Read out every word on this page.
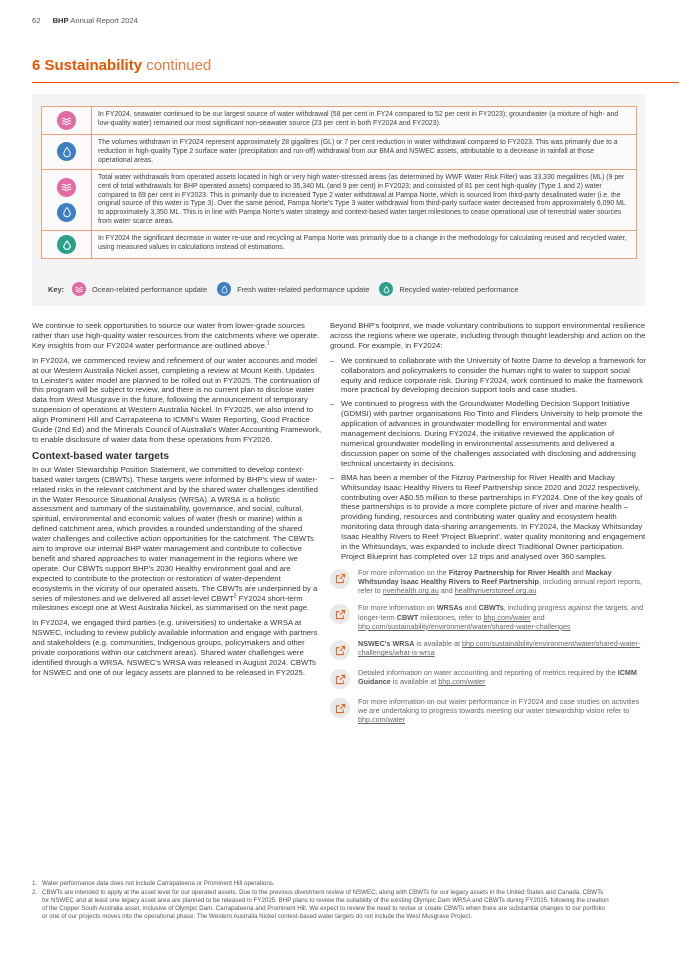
62 BHP Annual Report 2024
6 Sustainability continued
In FY2024, seawater continued to be our largest source of water withdrawal (58 per cent in FY24 compared to 52 per cent in FY2023); groundwater (a mixture of high- and low-quality water) remained our most significant non-seawater source (23 per cent in both FY2024 and FY2023).
The volumes withdrawn in FY2024 represent approximately 28 gigalitres (GL) or 7 per cent reduction in water withdrawal compared to FY2023. This was primarily due to a reduction in high-quality Type 2 surface water (precipitation and run-off) withdrawal from our BMA and NSWEC assets, attributable to a decrease in rainfall at those operational areas.
Total water withdrawals from operated assets located in high or very high water-stressed areas (as determined by WWF Water Risk Filter) was 33,330 megalitres (ML) (9 per cent of total withdrawals for BHP operated assets) compared to 35,340 ML (and 9 per cent) in FY2023; and consisted of 81 per cent high-quality (Type 1 and 2) water compared to 69 per cent in FY2023. This is primarily due to increased Type 2 water withdrawal at Pampa Norte, which is sourced from third-party desalinated water (i.e. the original source of this water is Type 3). Over the same period, Pampa Norte's Type 3 water withdrawal from third-party surface water decreased from approximately 6,090 ML to approximately 3,350 ML. This is in line with Pampa Norte's water strategy and context-based water target milestones to cease operational use of terrestrial water sources from water scarce areas.
In FY2024 the significant decrease in water re-use and recycling at Pampa Norte was primarily due to a change in the methodology for calculating reused and recycled water, using measured values in calculations instead of estimations.
Key:	Ocean-related performance update	Fresh water-related performance update	Recycled water-related performance

We continue to seek opportunities to source our water from lower-grade sources rather than use high-quality water resources from the catchments where we operate. Key insights from our FY2024 water performance are outlined above.$^1$

In FY2024, we commenced review and refinement of our water accounts and model at our Western Australia Nickel asset, completing a review at Mount Keith. Updates to Leinster's water model are planned to be rolled out in FY2025. The continuation of this program will be subject to review, and there is no current plan to disclose water data from West Musgrave in the future, following the announcement of temporary suspension of operations at Western Australia Nickel. In FY2025, we also intend to align Prominent Hill and Carrapateena to ICMM's Water Reporting, Good Practice Guide (2nd Ed) and the Minerals Council of Australia's Water Accounting Framework, to enable disclosure of water data from these operations from FY2026.

Context-based water targets

In our Water Stewardship Position Statement, we committed to develop context-based water targets (CBWTs). These targets were informed by BHP's view of water-related risks in the relevant catchment and by the shared water challenges identified in the Water Resource Situational Analysis (WRSA). A WRSA is a holistic assessment and summary of the sustainability, governance, and social, cultural, spiritual, environmental and economic values of water (fresh or marine) within a defined catchment area, which provides a rounded understanding of the shared water challenges and collective action opportunities for the catchment. The CBWTs aim to improve our internal BHP water management and contribute to collective benefit and shared approaches to water management in the regions where we operate. Our CBWTs support BHP's 2030 Healthy environment goal and are expected to contribute to the protection or restoration of water-dependent ecosystems in the vicinity of our operated assets. The CBWTs are underpinned by a series of milestones and we delivered all asset-level CBWT$^2$ FY2024 short-term milestones except one at West Australia Nickel, as summarised on the next page.

In FY2024, we engaged third parties (e.g. universities) to undertake a WRSA at NSWEC, including to review publicly available information and engage with partners and stakeholders (e.g. communities, Indigenous groups, policymakers and other private corporations within our catchment areas). Shared water challenges were identified through a WRSA. NSWEC's WRSA was released in August 2024. CBWTs for NSWEC and one of our legacy assets are planned to be released in FY2025.

Beyond BHP's footprint, we made voluntary contributions to support environmental resilience across the regions where we operate, including through thought leadership and action on the ground. For example, in FY2024:

– We continued to collaborate with the University of Notre Dame to develop a framework for collaborators and policymakers to consider the human right to water to support social equity and reduce corporate risk. During FY2024, work continued to make the framework more practical by developing decision support tools and case studies.
– We continued to progress with the Groundwater Modelling Decision Support Initiative (GDMSI) with partner organisations Rio Tinto and Flinders University to help promote the application of advances in groundwater modelling for environmental and water management decisions. During FY2024, the initiative reviewed the application of numerical groundwater modelling in environmental assessments and delivered a discussion paper on some of the challenges associated with disclosing and addressing technical uncertainty in decisions.
– BMA has been a member of the Fitzroy Partnership for River Health and Mackay Whitsunday Isaac Healthy Rivers to Reef Partnership since 2020 and 2022 respectively, contributing over A$0.55 million to these partnerships in FY2024. One of the key goals of these partnerships is to provide a more complete picture of river and marine health – providing funding, resources and contributing water quality and ecosystem health monitoring data through data-sharing arrangements. In FY2024, the Mackay Whitsunday Isaac Healthy Rivers to Reef 'Project Blueprint', water quality monitoring and engagement in the Whitsundays, was expanded to include direct Traditional Owner participation. Project Blueprint has completed over 12 trips and analysed over 360 samples.
For more information on the Fitzroy Partnership for River Health and Mackay Whitsunday Isaac Healthy Rivers to Reef Partnership, including annual report reports, refer to riverhealth.org.au and healthyriverstoreef.org.au
For more information on WRSAs and CBWTs, including progress against the targets, and longer-term CBWT milestones, refer to bhp.com/water and bhp.com/sustainability/environment/water/shared-water-challenges
NSWEC's WRSA is available at bhp.com/sustainability/environment/water/shared-water-challenges/what-is-wrsa
Detailed information on water accounting and reporting of metrics required by the ICMM Guidance is available at bhp.com/water
For more information on our water performance in FY2024 and case studies on activities we are undertaking to progress towards meeting our water stewardship vision refer to bhp.com/water
1. Water performance data does not include Carrapateena or Prominent Hill operations.
2. CBWTs are intended to apply at the asset level for our operated assets. Due to the previous divestment review of NSWEC, along with CBWTs for our legacy assets in the United States and Canada, CBWTs for NSWEC and at least one legacy asset area are planned to be released in FY2025. BHP plans to review the suitability of the existing Olympic Dam WRSA and CBWTs during FY2025, following the creation of the Copper South Australia asset, inclusive of Olympic Dam, Carrapateena and Prominent Hill. We expect to review the need to revise or create CBWTs when there are substantial changes to our portfolio or one of our projects moves into the operational phase. The Western Australia Nickel context-based water targets do not include the West Musgrave Project.
